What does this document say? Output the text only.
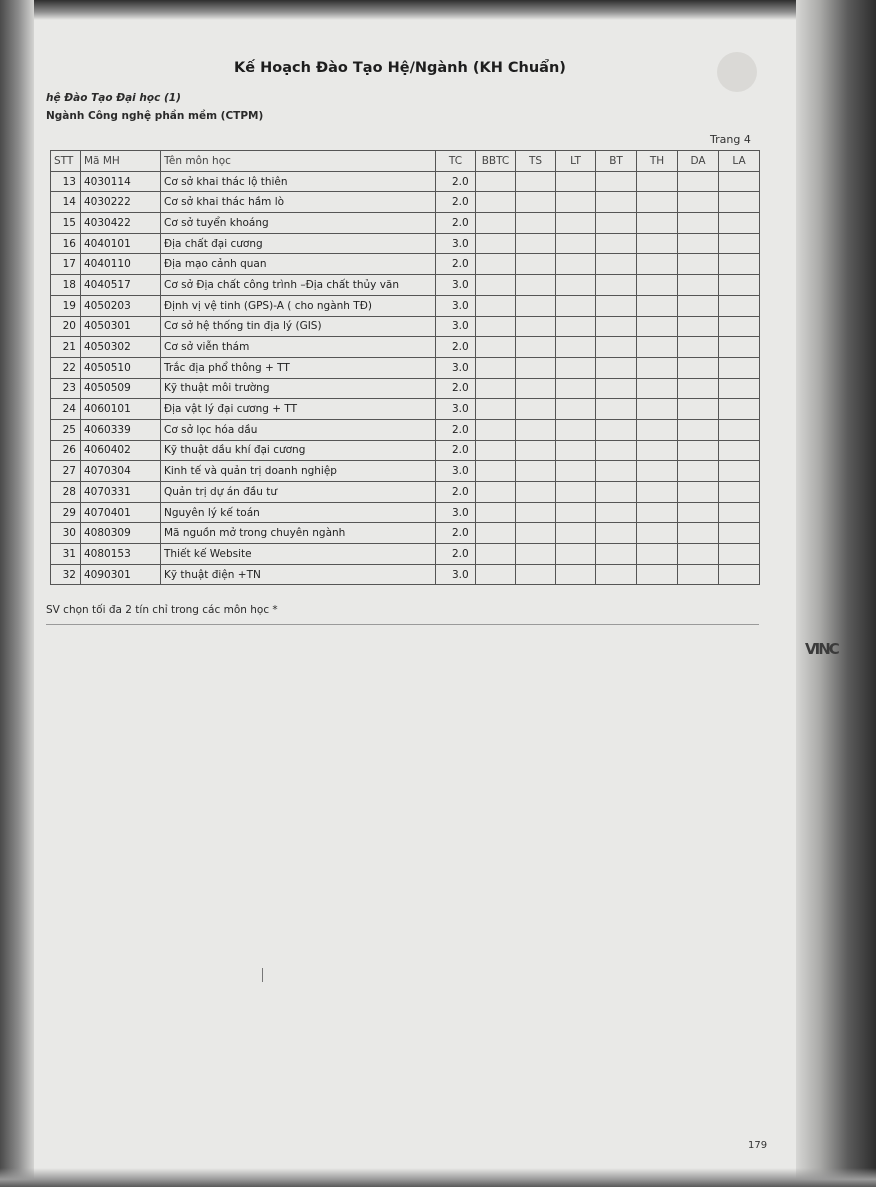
VINC
Kế Hoạch Đào Tạo Hệ/Ngành (KH Chuẩn)
hệ Đào Tạo Đại học (1)
Ngành Công nghệ phần mềm (CTPM)
Trang 4
STT	Mã MH	Tên môn học	TC	BBTC	TS	LT	BT	TH	DA	LA
13	4030114	Cơ sở khai thác lộ thiên	2.0							
14	4030222	Cơ sở khai thác hầm lò	2.0							
15	4030422	Cơ sở tuyển khoáng	2.0							
16	4040101	Địa chất đại cương	3.0							
17	4040110	Địa mạo cảnh quan	2.0							
18	4040517	Cơ sở Địa chất công trình –Địa chất thủy văn	3.0							
19	4050203	Định vị vệ tinh (GPS)-A ( cho ngành TĐ)	3.0							
20	4050301	Cơ sở hệ thống tin địa lý (GIS)	3.0							
21	4050302	Cơ sở viễn thám	2.0							
22	4050510	Trắc địa phổ thông + TT	3.0							
23	4050509	Kỹ thuật môi trường	2.0							
24	4060101	Địa vật lý đại cương + TT	3.0							
25	4060339	Cơ sở lọc hóa dầu	2.0							
26	4060402	Kỹ thuật dầu khí đại cương	2.0							
27	4070304	Kinh tế và quản trị doanh nghiệp	3.0							
28	4070331	Quản trị dự án đầu tư	2.0							
29	4070401	Nguyên lý kế toán	3.0							
30	4080309	Mã nguồn mở trong chuyên ngành	2.0							
31	4080153	Thiết kế Website	2.0							
32	4090301	Kỹ thuật điện +TN	3.0							
SV chọn tối đa 2 tín chỉ trong các môn học *
179
